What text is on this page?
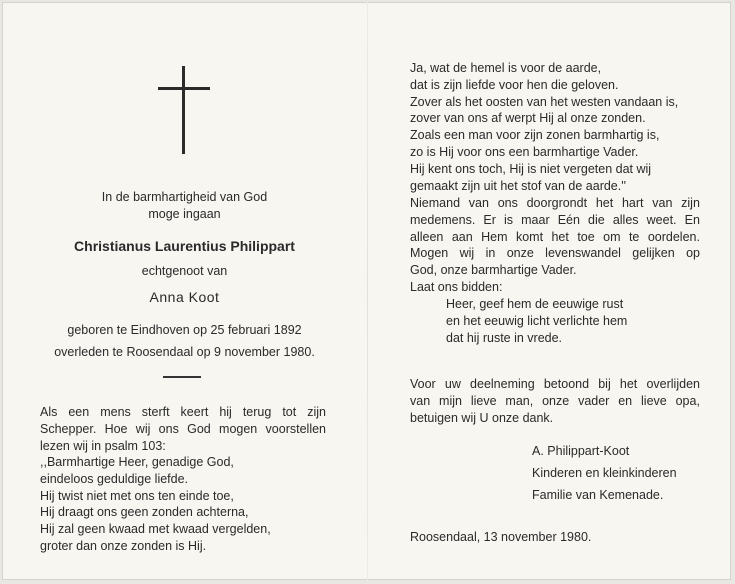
In de barmhartigheid van God
moge ingaan
Christianus Laurentius Philippart
echtgenoot van
Anna Koot
geboren te Eindhoven op 25 februari 1892
overleden te Roosendaal op 9 november 1980.
Als een mens sterft keert hij terug tot zijn
Schepper. Hoe wij ons God mogen voorstellen
lezen wij in psalm 103:
,,Barmhartige Heer, genadige God,
eindeloos geduldige liefde.
Hij twist niet met ons ten einde toe,
Hij draagt ons geen zonden achterna,
Hij zal geen kwaad met kwaad vergelden,
groter dan onze zonden is Hij.
Ja, wat de hemel is voor de aarde,
dat is zijn liefde voor hen die geloven.
Zover als het oosten van het westen vandaan is,
zover van ons af werpt Hij al onze zonden.
Zoals een man voor zijn zonen barmhartig is,
zo is Hij voor ons een barmhartige Vader.
Hij kent ons toch, Hij is niet vergeten dat wij
gemaakt zijn uit het stof van de aarde.''
Niemand van ons doorgrondt het hart van zijn
medemens. Er is maar Eén die alles weet. En
alleen aan Hem komt het toe om te oordelen.
Mogen wij in onze levenswandel gelijken op
God, onze barmhartige Vader.
Laat ons bidden:
Heer, geef hem de eeuwige rust
en het eeuwig licht verlichte hem
dat hij ruste in vrede.
Voor uw deelneming betoond bij het overlijden
van mijn lieve man, onze vader en lieve opa,
betuigen wij U onze dank.
A. Philippart-Koot
Kinderen en kleinkinderen
Familie van Kemenade.
Roosendaal, 13 november 1980.
